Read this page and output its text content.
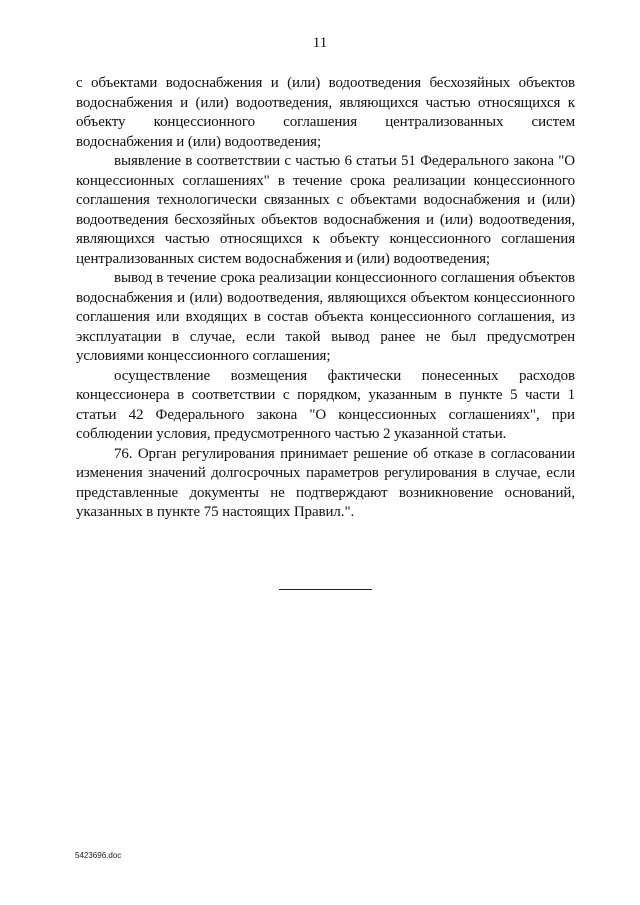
11

с объектами водоснабжения и (или) водоотведения бесхозяйных объектов водоснабжения и (или) водоотведения, являющихся частью относящихся к объекту концессионного соглашения централизованных систем водоснабжения и (или) водоотведения;

выявление в соответствии с частью 6 статьи 51 Федерального закона "О концессионных соглашениях" в течение срока реализации концессионного соглашения технологически связанных с объектами водоснабжения и (или) водоотведения бесхозяйных объектов водоснабжения и (или) водоотведения, являющихся частью относящихся к объекту концессионного соглашения централизованных систем водоснабжения и (или) водоотведения;

вывод в течение срока реализации концессионного соглашения объектов водоснабжения и (или) водоотведения, являющихся объектом концессионного соглашения или входящих в состав объекта концессионного соглашения, из эксплуатации в случае, если такой вывод ранее не был предусмотрен условиями концессионного соглашения;

осуществление возмещения фактически понесенных расходов концессионера в соответствии с порядком, указанным в пункте 5 части 1 статьи 42 Федерального закона "О концессионных соглашениях", при соблюдении условия, предусмотренного частью 2 указанной статьи.

76. Орган регулирования принимает решение об отказе в согласовании изменения значений долгосрочных параметров регулирования в случае, если представленные документы не подтверждают возникновение оснований, указанных в пункте 75 настоящих Правил.".

5423696.doc
